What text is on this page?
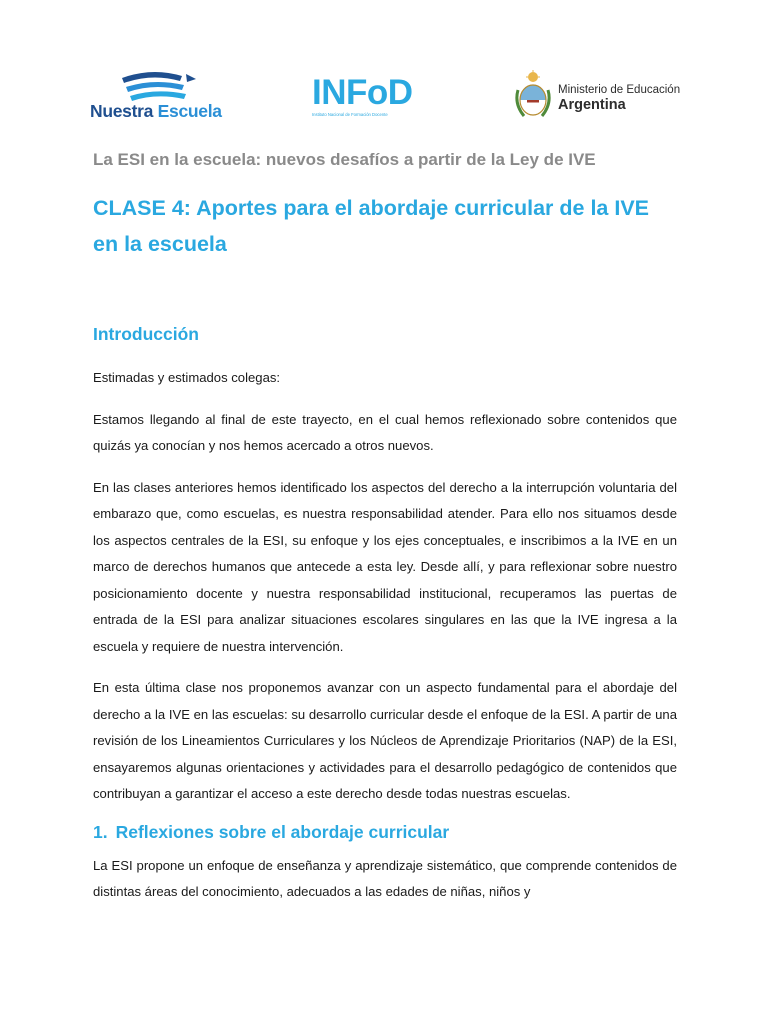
Nuestra Escuela	INFoD
Instituto Nacional de Formación Docente
Ministerio de Educación
Argentina
La ESI en la escuela: nuevos desafíos a partir de la Ley de IVE
CLASE 4: Aportes para el abordaje curricular de la IVE en la escuela
Introducción

Estimadas y estimados colegas:

Estamos llegando al final de este trayecto, en el cual hemos reflexionado sobre contenidos que quizás ya conocían y nos hemos acercado a otros nuevos.

En las clases anteriores hemos identificado los aspectos del derecho a la interrupción voluntaria del embarazo que, como escuelas, es nuestra responsabilidad atender. Para ello nos situamos desde los aspectos centrales de la ESI, su enfoque y los ejes conceptuales, e inscribimos a la IVE en un marco de derechos humanos que antecede a esta ley. Desde allí, y para reflexionar sobre nuestro posicionamiento docente y nuestra responsabilidad institucional, recuperamos las puertas de entrada de la ESI para analizar situaciones escolares singulares en las que la IVE ingresa a la escuela y requiere de nuestra intervención.

En esta última clase nos proponemos avanzar con un aspecto fundamental para el abordaje del derecho a la IVE en las escuelas: su desarrollo curricular desde el enfoque de la ESI. A partir de una revisión de los Lineamientos Curriculares y los Núcleos de Aprendizaje Prioritarios (NAP) de la ESI, ensayaremos algunas orientaciones y actividades para el desarrollo pedagógico de contenidos que contribuyan a garantizar el acceso a este derecho desde todas nuestras escuelas.

1. Reflexiones sobre el abordaje curricular

La ESI propone un enfoque de enseñanza y aprendizaje sistemático, que comprende contenidos de distintas áreas del conocimiento, adecuados a las edades de niñas, niños y
